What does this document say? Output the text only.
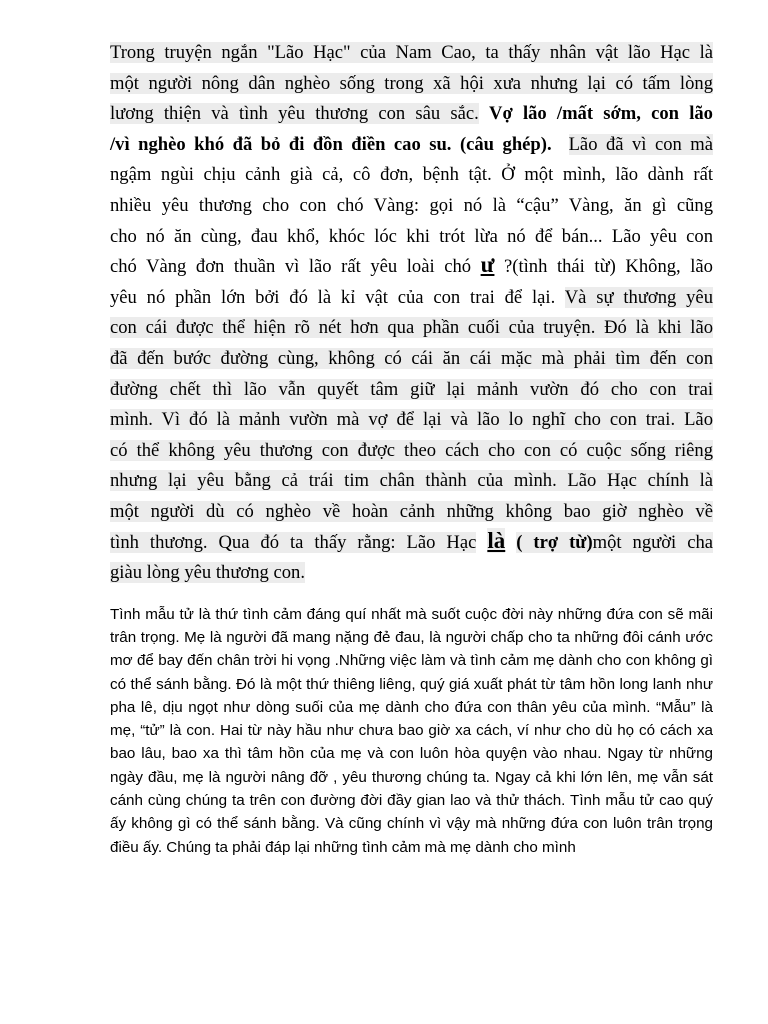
Trong truyện ngắn "Lão Hạc" của Nam Cao, ta thấy nhân vật lão Hạc là
một người nông dân nghèo sống trong xã hội xưa nhưng lại có tấm lòng
lương thiện và tình yêu thương con sâu sắc. Vợ lão /mất sớm, con lão
/vì nghèo khó đã bỏ đi đồn điền cao su. (câu ghép). Lão đã vì con mà
ngậm ngùi chịu cảnh già cả, cô đơn, bệnh tật. Ở một mình, lão dành rất
nhiều yêu thương cho con chó Vàng: gọi nó là “cậu” Vàng, ăn gì cũng
cho nó ăn cùng, đau khổ, khóc lóc khi trót lừa nó để bán... Lão yêu con
chó Vàng đơn thuần vì lão rất yêu loài chó ư ?(tình thái từ) Không, lão
yêu nó phần lớn bởi đó là kỉ vật của con trai để lại. Và sự thương yêu
con cái được thể hiện rõ nét hơn qua phần cuối của truyện. Đó là khi lão
đã đến bước đường cùng, không có cái ăn cái mặc mà phải tìm đến con
đường chết thì lão vẫn quyết tâm giữ lại mảnh vườn đó cho con trai
mình. Vì đó là mảnh vườn mà vợ để lại và lão lo nghĩ cho con trai. Lão
có thể không yêu thương con được theo cách cho con có cuộc sống riêng
nhưng lại yêu bằng cả trái tim chân thành của mình. Lão Hạc chính là
một người dù có nghèo về hoàn cảnh những không bao giờ nghèo về
tình thương. Qua đó ta thấy rằng: Lão Hạc là ( trợ từ)một người cha
giàu lòng yêu thương con.

Tình mẫu tử là thứ tình cảm đáng quí nhất mà suốt cuộc đời này những đứa con sẽ mãi trân trọng. Mẹ là người đã mang nặng đẻ đau, là người chấp cho ta những đôi cánh ước mơ để bay đến chân trời hi vọng .Những việc làm và tình cảm mẹ dành cho con không gì có thể sánh bằng. Đó là một thứ thiêng liêng, quý giá xuất phát từ tâm hồn long lanh như pha lê, dịu ngọt như dòng suối của mẹ dành cho đứa con thân yêu của mình. “Mẫu” là mẹ, “tử” là con. Hai từ này hầu như chưa bao giờ xa cách, ví như cho dù họ có cách xa bao lâu, bao xa thì tâm hồn của mẹ và con luôn hòa quyện vào nhau. Ngay từ những ngày đầu, mẹ là người nâng đỡ , yêu thương chúng ta. Ngay cả khi lớn lên, mẹ vẫn sát cánh cùng chúng ta trên con đường đời đầy gian lao và thử thách. Tình mẫu tử cao quý ấy không gì có thể sánh bằng. Và cũng chính vì vậy mà những đứa con luôn trân trọng điều ấy. Chúng ta phải đáp lại những tình cảm mà mẹ dành cho mình
